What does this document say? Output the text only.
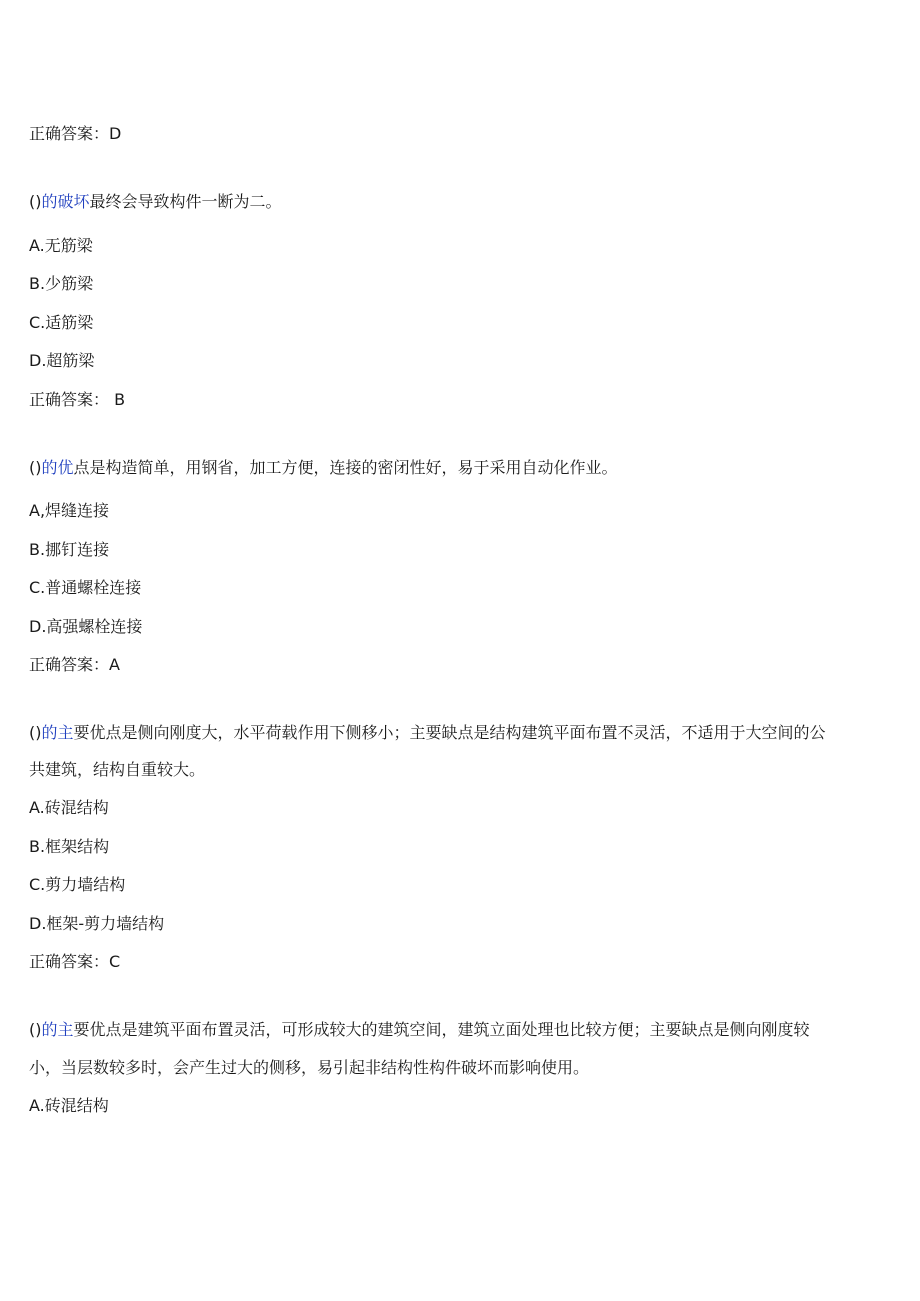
正确答案：D
()的破坏最终会导致构件一断为二。
A.无筋梁
B.少筋梁
C.适筋梁
D.超筋梁
正确答案： B
()的优点是构造简单，用钢省，加工方便，连接的密闭性好，易于采用自动化作业。
A,焊缝连接
B.挪钉连接
C.普通螺栓连接
D.高强螺栓连接
正确答案：A
()的主要优点是侧向刚度大，水平荷载作用下侧移小；主要缺点是结构建筑平面布置不灵活，不适用于大空间的公
共建筑，结构自重较大。
A.砖混结构
B.框架结构
C.剪力墙结构
D.框架-剪力墙结构
正确答案：C
()的主要优点是建筑平面布置灵活，可形成较大的建筑空间，建筑立面处理也比较方便；主要缺点是侧向刚度较
小，当层数较多时，会产生过大的侧移，易引起非结构性构件破坏而影响使用。
A.砖混结构
